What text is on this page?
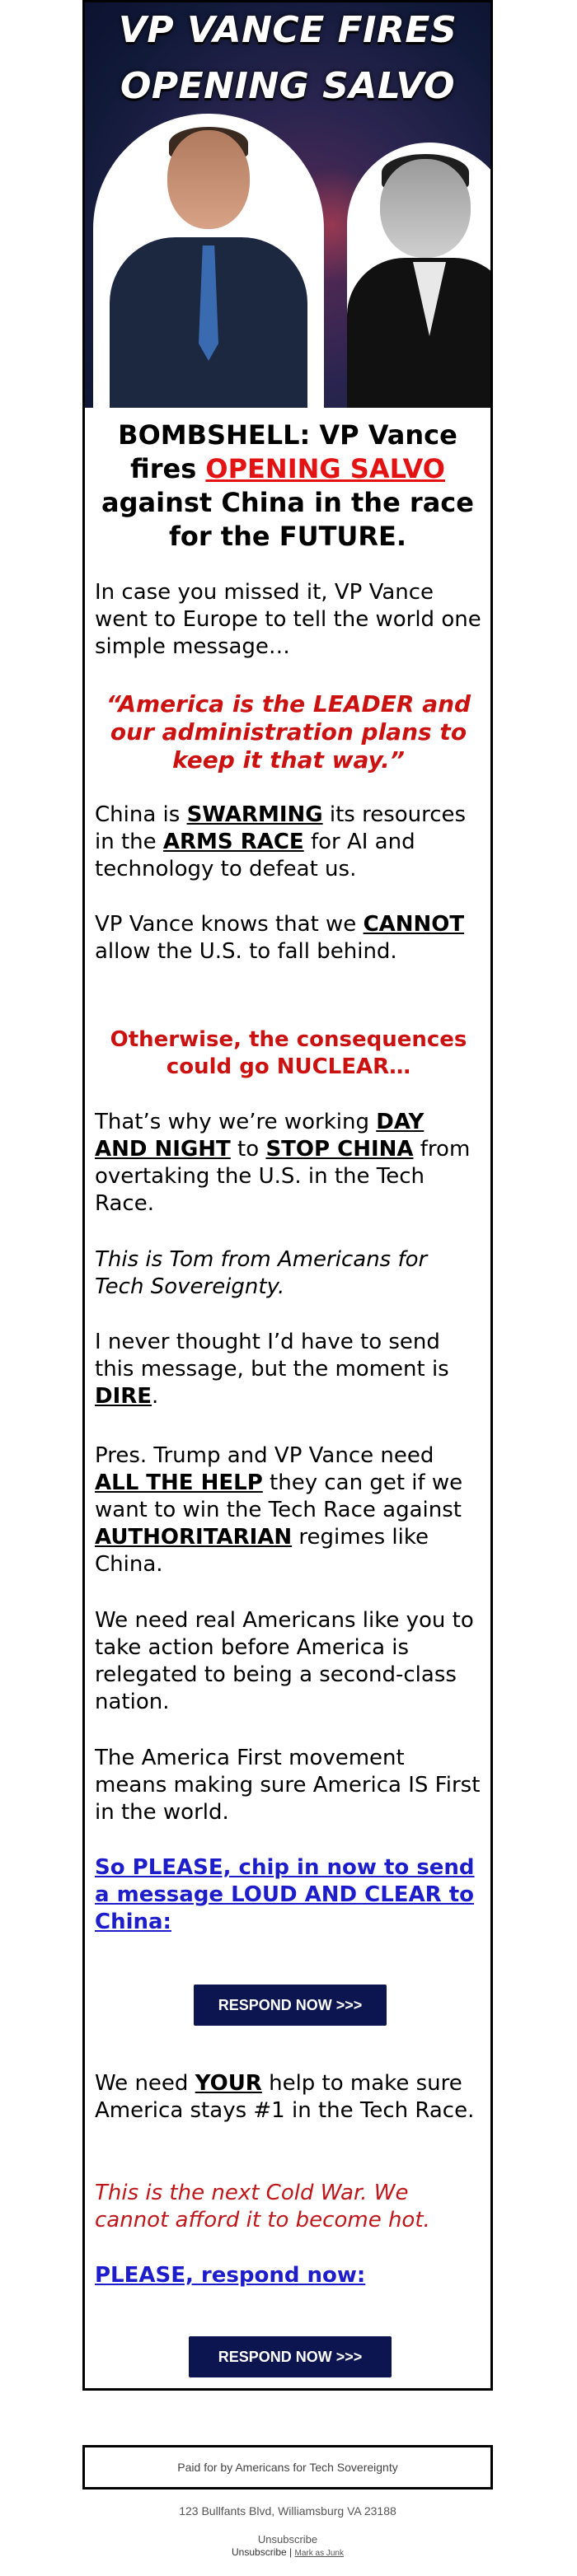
VP VANCE FIRES
OPENING SALVO
BOMBSHELL: VP Vance fires OPENING SALVO against China in the race for the FUTURE.
In case you missed it, VP Vance went to Europe to tell the world one simple message…
“America is the LEADER and our administration plans to keep it that way.”
China is SWARMING its resources in the ARMS RACE for AI and technology to defeat us.
VP Vance knows that we CANNOT allow the U.S. to fall behind.
Otherwise, the consequences could go NUCLEAR…
That’s why we’re working DAY AND NIGHT to STOP CHINA from overtaking the U.S. in the Tech Race.
This is Tom from Americans for Tech Sovereignty.
I never thought I’d have to send this message, but the moment is DIRE.
Pres. Trump and VP Vance need ALL THE HELP they can get if we want to win the Tech Race against AUTHORITARIAN regimes like China.
We need real Americans like you to take action before America is relegated to being a second-class nation.
The America First movement means making sure America IS First in the world.
So PLEASE, chip in now to send a message LOUD AND CLEAR to China:
RESPOND NOW >>>
We need YOUR help to make sure America stays #1 in the Tech Race.
This is the next Cold War. We cannot afford it to become hot.
PLEASE, respond now:
RESPOND NOW >>>
Paid for by Americans for Tech Sovereignty
123 Bullfants Blvd, Williamsburg VA 23188
Unsubscribe
Unsubscribe | Mark as Junk
